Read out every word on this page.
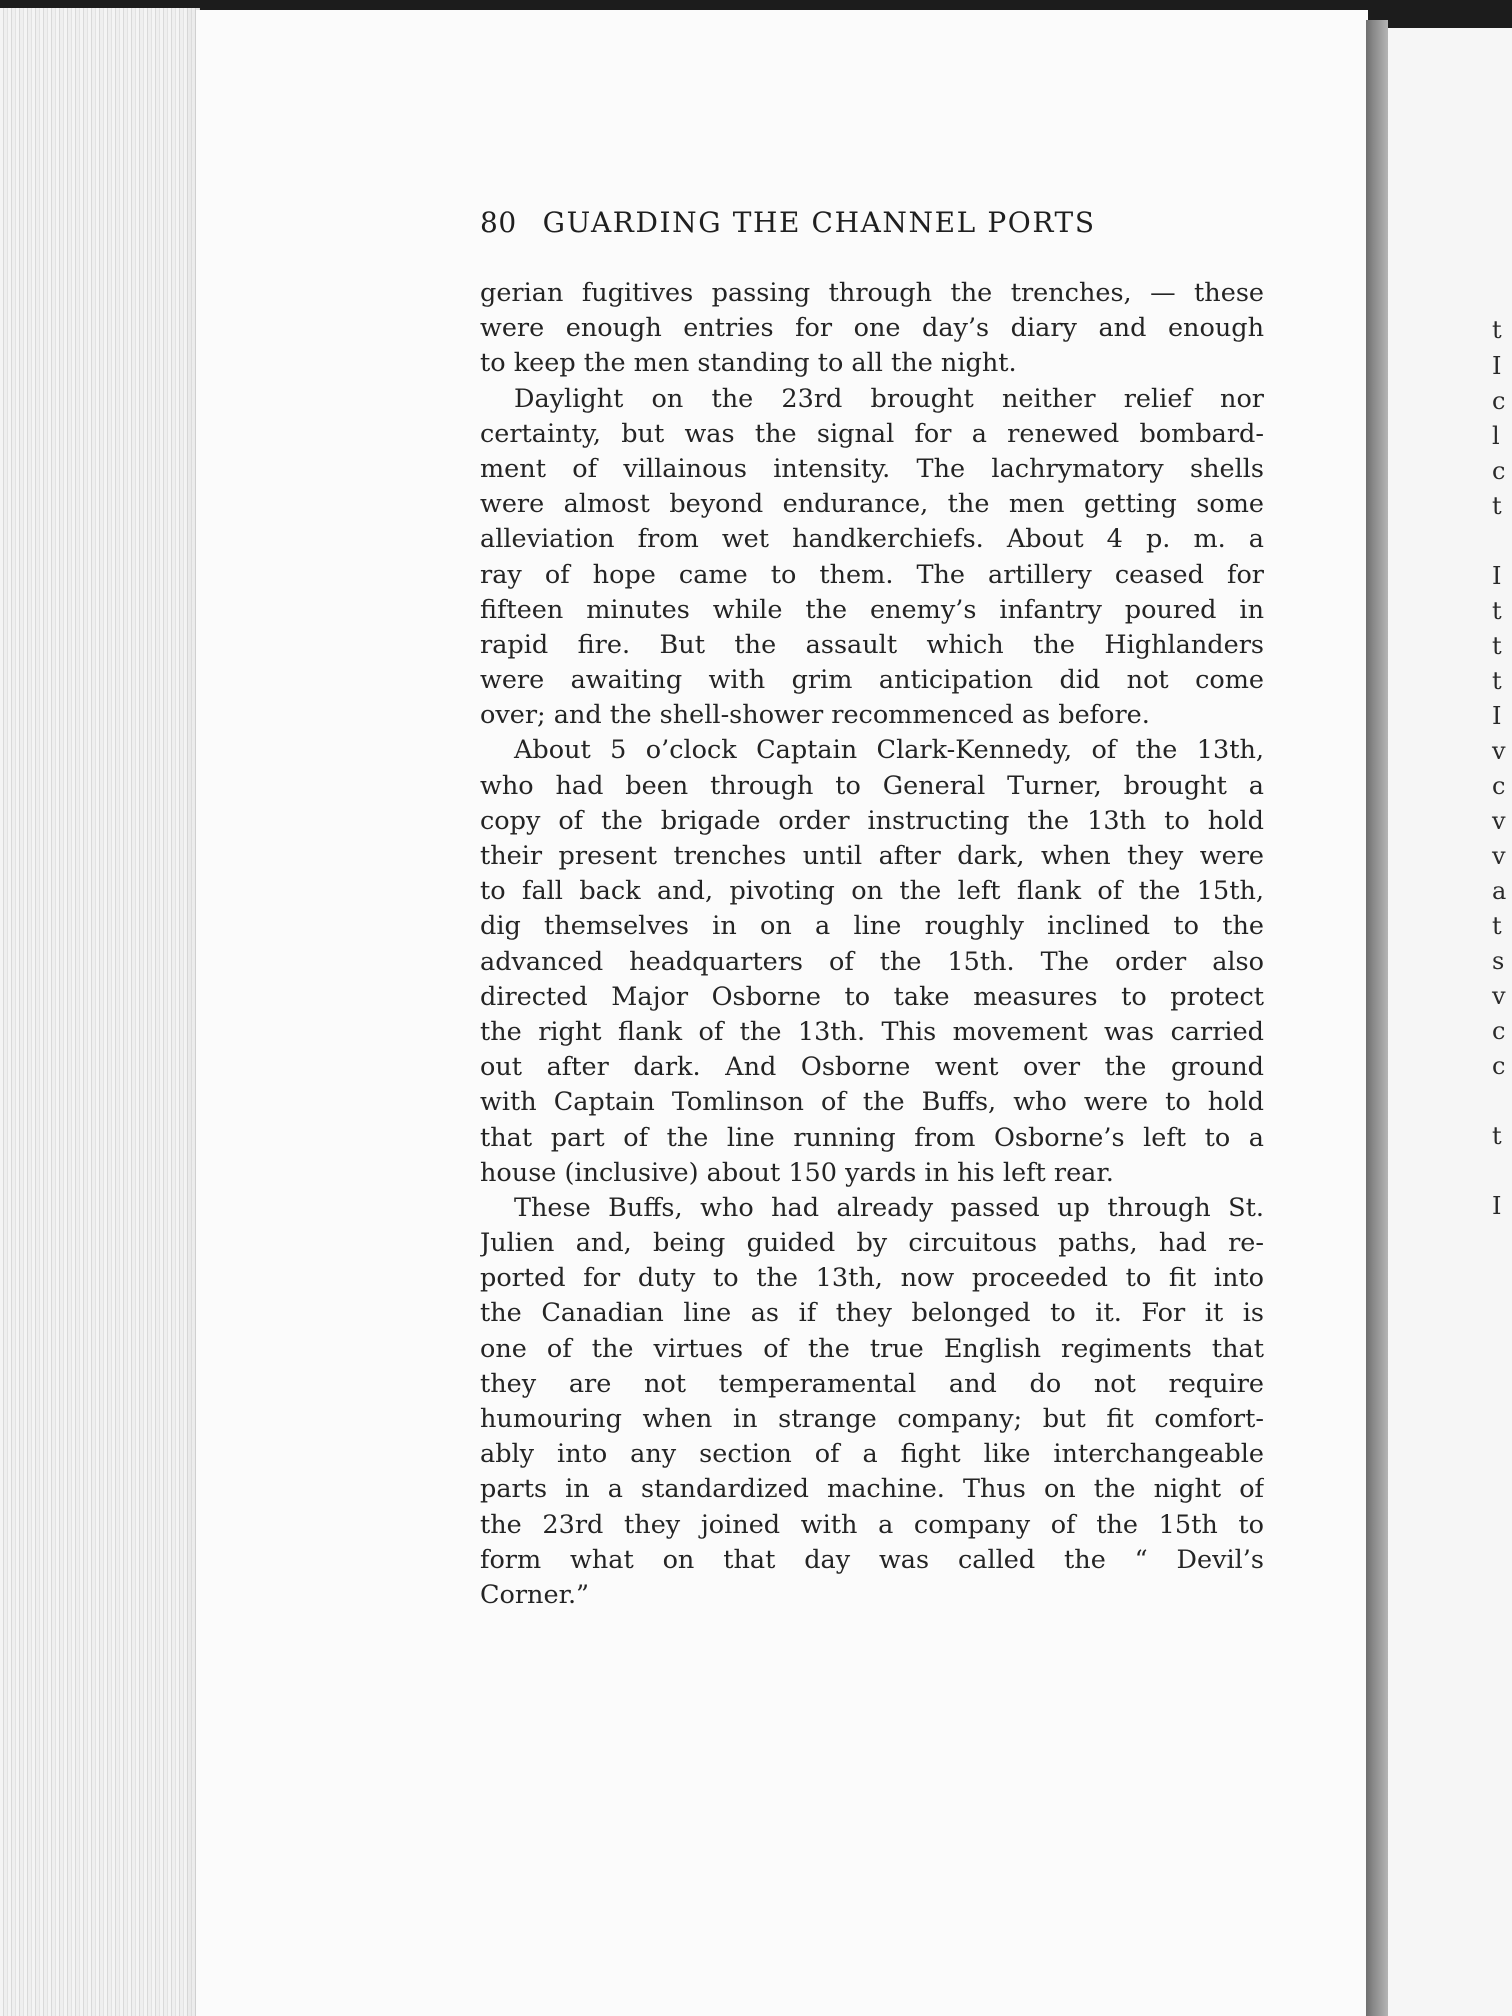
t
I
c
l
c
t
I
t
t
t
I
v
c
v
v
a
t
s
v
c
c
t
I
80 GUARDING THE CHANNEL PORTS
gerian fugitives passing through the trenches, — these
were enough entries for one day’s diary and enough
to keep the men standing to all the night.
Daylight on the 23rd brought neither relief nor
certainty, but was the signal for a renewed bombard-
ment of villainous intensity. The lachrymatory shells
were almost beyond endurance, the men getting some
alleviation from wet handkerchiefs. About 4 p. m. a
ray of hope came to them. The artillery ceased for
fifteen minutes while the enemy’s infantry poured in
rapid fire. But the assault which the Highlanders
were awaiting with grim anticipation did not come
over; and the shell-shower recommenced as before.
About 5 o’clock Captain Clark-Kennedy, of the 13th,
who had been through to General Turner, brought a
copy of the brigade order instructing the 13th to hold
their present trenches until after dark, when they were
to fall back and, pivoting on the left flank of the 15th,
dig themselves in on a line roughly inclined to the
advanced headquarters of the 15th. The order also
directed Major Osborne to take measures to protect
the right flank of the 13th. This movement was carried
out after dark. And Osborne went over the ground
with Captain Tomlinson of the Buffs, who were to hold
that part of the line running from Osborne’s left to a
house (inclusive) about 150 yards in his left rear.
These Buffs, who had already passed up through St.
Julien and, being guided by circuitous paths, had re-
ported for duty to the 13th, now proceeded to fit into
the Canadian line as if they belonged to it. For it is
one of the virtues of the true English regiments that
they are not temperamental and do not require
humouring when in strange company; but fit comfort-
ably into any section of a fight like interchangeable
parts in a standardized machine. Thus on the night of
the 23rd they joined with a company of the 15th to
form what on that day was called the “ Devil’s
Corner.”
